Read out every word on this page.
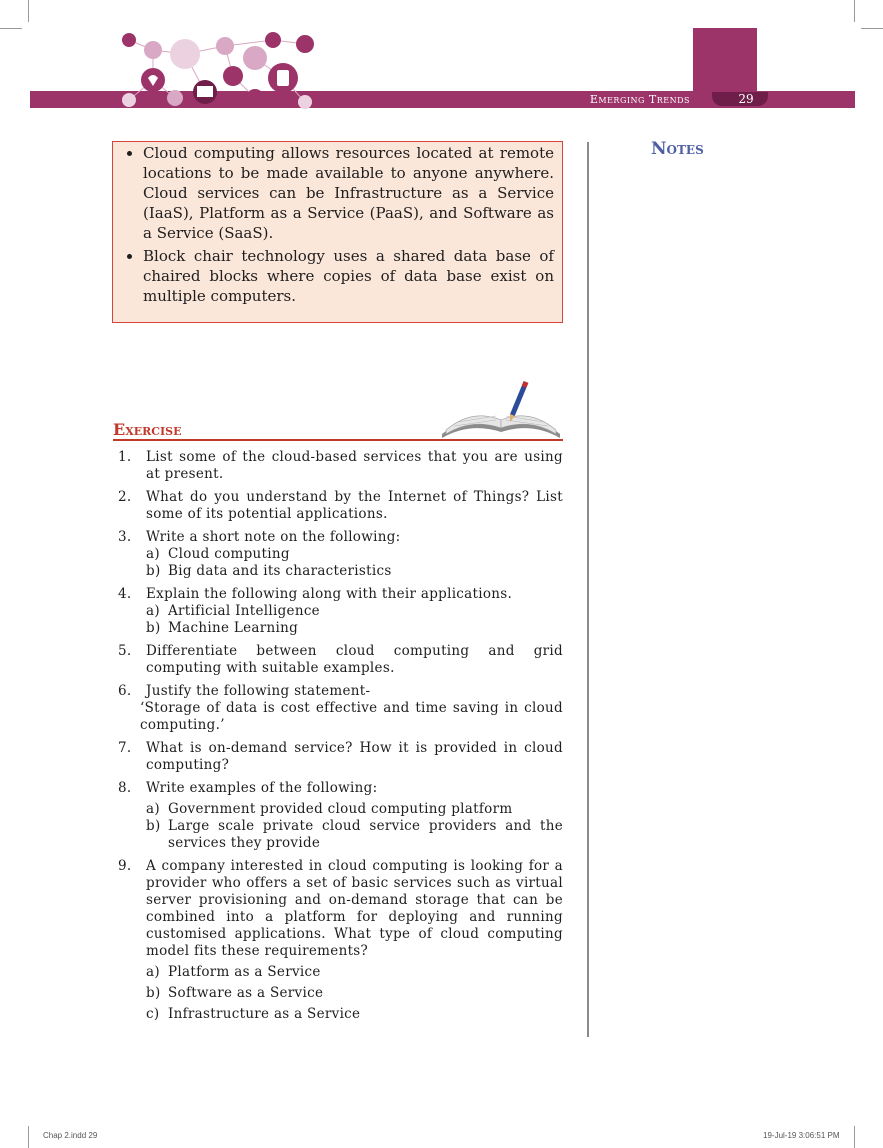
Emerging Trends	29
• Cloud computing allows resources located at remote locations to be made available to anyone anywhere. Cloud services can be Infrastructure as a Service (IaaS), Platform as a Service (PaaS), and Software as a Service (SaaS).
• Block chair technology uses a shared data base of chaired blocks where copies of data base exist on multiple computers.
Notes
Exercise
1.	List some of the cloud-based services that you are using at present.
2.	What do you understand by the Internet of Things? List some of its potential applications.
3.	Write a short note on the following:
a) Cloud computing
b) Big data and its characteristics
4.	Explain the following along with their applications.
a) Artificial Intelligence
b) Machine Learning
5.	Differentiate between cloud computing and grid computing with suitable examples.
6.	Justify the following statement-
‘Storage of data is cost effective and time saving in cloud computing.’
7.	What is on-demand service? How it is provided in cloud computing?
8.	Write examples of the following:
a) Government provided cloud computing platform
b) Large scale private cloud service providers and the services they provide
9.	A company interested in cloud computing is looking for a provider who offers a set of basic services such as virtual server provisioning and on-demand storage that can be combined into a platform for deploying and running customised applications. What type of cloud computing model fits these requirements?
a) Platform as a Service
b) Software as a Service
c) Infrastructure as a Service
Chap 2.indd 29	19-Jul-19 3:06:51 PM
